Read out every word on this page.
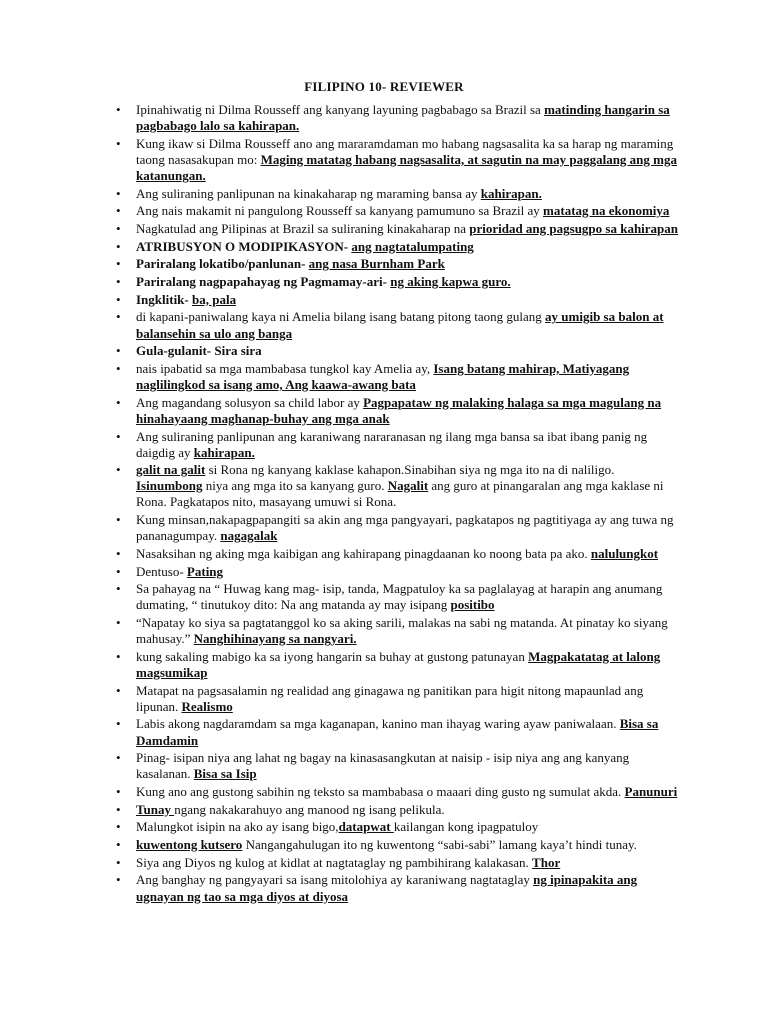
FILIPINO 10- REVIEWER
•	Ipinahiwatig ni Dilma Rousseff ang kanyang layuning pagbabago sa Brazil sa matinding hangarin sa pagbabago lalo sa kahirapan.
•	Kung ikaw si Dilma Rousseff ano ang mararamdaman mo habang nagsasalita ka sa harap ng maraming taong nasasakupan mo: Maging matatag habang nagsasalita, at sagutin na may paggalang ang mga katanungan.
•	Ang suliraning panlipunan na kinakaharap ng maraming bansa ay kahirapan.
•	Ang nais makamit ni pangulong Rousseff sa kanyang pamumuno sa Brazil ay matatag na ekonomiya
•	Nagkatulad ang Pilipinas at Brazil sa suliraning kinakaharap na prioridad ang pagsugpo sa kahirapan
•	ATRIBUSYON O MODIPIKASYON- ang nagtatalumpating
•	Pariralang lokatibo/panlunan- ang nasa Burnham Park
•	Pariralang nagpapahayag ng Pagmamay-ari- ng aking kapwa guro.
•	Ingklitik- ba, pala
•	di kapani-paniwalang kaya ni Amelia bilang isang batang pitong taong gulang ay umigib sa balon at balansehin sa ulo ang banga
•	Gula-gulanit- Sira sira
•	nais ipabatid sa mga mambabasa tungkol kay Amelia ay, Isang batang mahirap, Matiyagang naglilingkod sa isang amo, Ang kaawa-awang bata
•	Ang magandang solusyon sa child labor ay Pagpapataw ng malaking halaga sa mga magulang na hinahayaang maghanap-buhay ang mga anak
•	Ang suliraning panlipunan ang karaniwang nararanasan ng ilang mga bansa sa ibat ibang panig ng daigdig ay kahirapan.
•	galit na galit si Rona ng kanyang kaklase kahapon.Sinabihan siya ng mga ito na di naliligo. Isinumbong niya ang mga ito sa kanyang guro. Nagalit ang guro at pinangaralan ang mga kaklase ni Rona. Pagkatapos nito, masayang umuwi si Rona.
•	Kung minsan,nakapagpapangiti sa akin ang mga pangyayari, pagkatapos ng pagtitiyaga ay ang tuwa ng pananagumpay. nagagalak
•	Nasaksihan ng aking mga kaibigan ang kahirapang pinagdaanan ko noong bata pa ako. nalulungkot
•	Dentuso- Pating
•	Sa pahayag na “ Huwag kang mag- isip, tanda, Magpatuloy ka sa paglalayag at harapin ang anumang dumating, “ tinutukoy dito: Na ang matanda ay may isipang positibo
•	“Napatay ko siya sa pagtatanggol ko sa aking sarili, malakas na sabi ng matanda. At pinatay ko siyang mahusay.” Nanghihinayang sa nangyari.
•	kung sakaling mabigo ka sa iyong hangarin sa buhay at gustong patunayan Magpakatatag at lalong magsumikap
•	Matapat na pagsasalamin ng realidad ang ginagawa ng panitikan para higit nitong mapaunlad ang lipunan. Realismo
•	Labis akong nagdaramdam sa mga kaganapan, kanino man ihayag waring ayaw paniwalaan. Bisa sa Damdamin
•	Pinag- isipan niya ang lahat ng bagay na kinasasangkutan at naisip - isip niya ang ang kanyang kasalanan. Bisa sa Isip
•	Kung ano ang gustong sabihin ng teksto sa mambabasa o maaari ding gusto ng sumulat akda. Panunuri
•	Tunay ngang nakakarahuyo ang manood ng isang pelikula.
•	Malungkot isipin na ako ay isang bigo,datapwat kailangan kong ipagpatuloy
•	kuwentong kutsero Nangangahulugan ito ng kuwentong “sabi-sabi” lamang kaya’t hindi tunay.
•	Siya ang Diyos ng kulog at kidlat at nagtataglay ng pambihirang kalakasan. Thor
•	Ang banghay ng pangyayari sa isang mitolohiya ay karaniwang nagtataglay ng ipinapakita ang ugnayan ng tao sa mga diyos at diyosa
